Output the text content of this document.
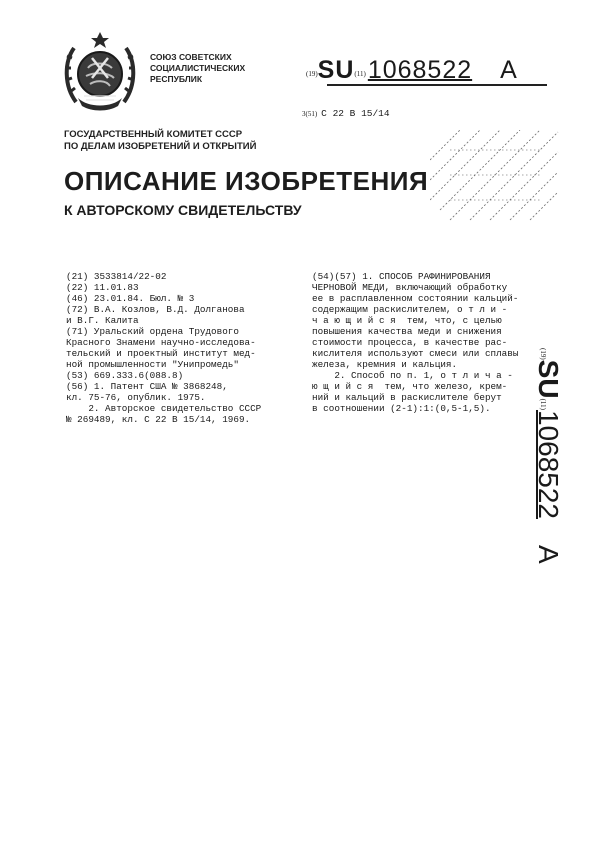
СОЮЗ СОВЕТСКИХ
СОЦИАЛИСТИЧЕСКИХ
РЕСПУБЛИК	(19)SU(11)1068522 A
3(51) C 22 B 15/14
ГОСУДАРСТВЕННЫЙ КОМИТЕТ СССР
ПО ДЕЛАМ ИЗОБРЕТЕНИЙ И ОТКРЫТИЙ
ОПИСАНИЕ ИЗОБРЕТЕНИЯ
К АВТОРСКОМУ СВИДЕТЕЛЬСТВУ
(21) 3533814/22-02
(22) 11.01.83
(46) 23.01.84. Бюл. № 3
(72) В.А. Козлов, В.Д. Долганова
и В.Г. Калита
(71) Уральский ордена Трудового
Красного Знамени научно-исследова-
тельский и проектный институт мед-
ной промышленности "Унипромедь"
(53) 669.333.6(088.8)
(56) 1. Патент США № 3868248,
кл. 75-76, опублик. 1975.
2. Авторское свидетельство СССР
№ 269489, кл. С 22 В 15/14, 1969.
(54)(57) 1. СПОСОБ РАФИНИРОВАНИЯ
ЧЕРНОВОЙ МЕДИ, включающий обработку
ее в расплавленном состоянии кальций-
содержащим раскислителем, о т л и -
ч а ю щ и й с я  тем, что, с целью
повышения качества меди и снижения
стоимости процесса, в качестве рас-
кислителя используют смеси или сплавы
железа, кремния и кальция.
2. Способ по п. 1, о т л и ч а -
ю щ и й с я  тем, что железо, крем-
ний и кальций в раскислителе берут
в соотношении (2-1):1:(0,5-1,5).
(19)SU(11)1068522A
